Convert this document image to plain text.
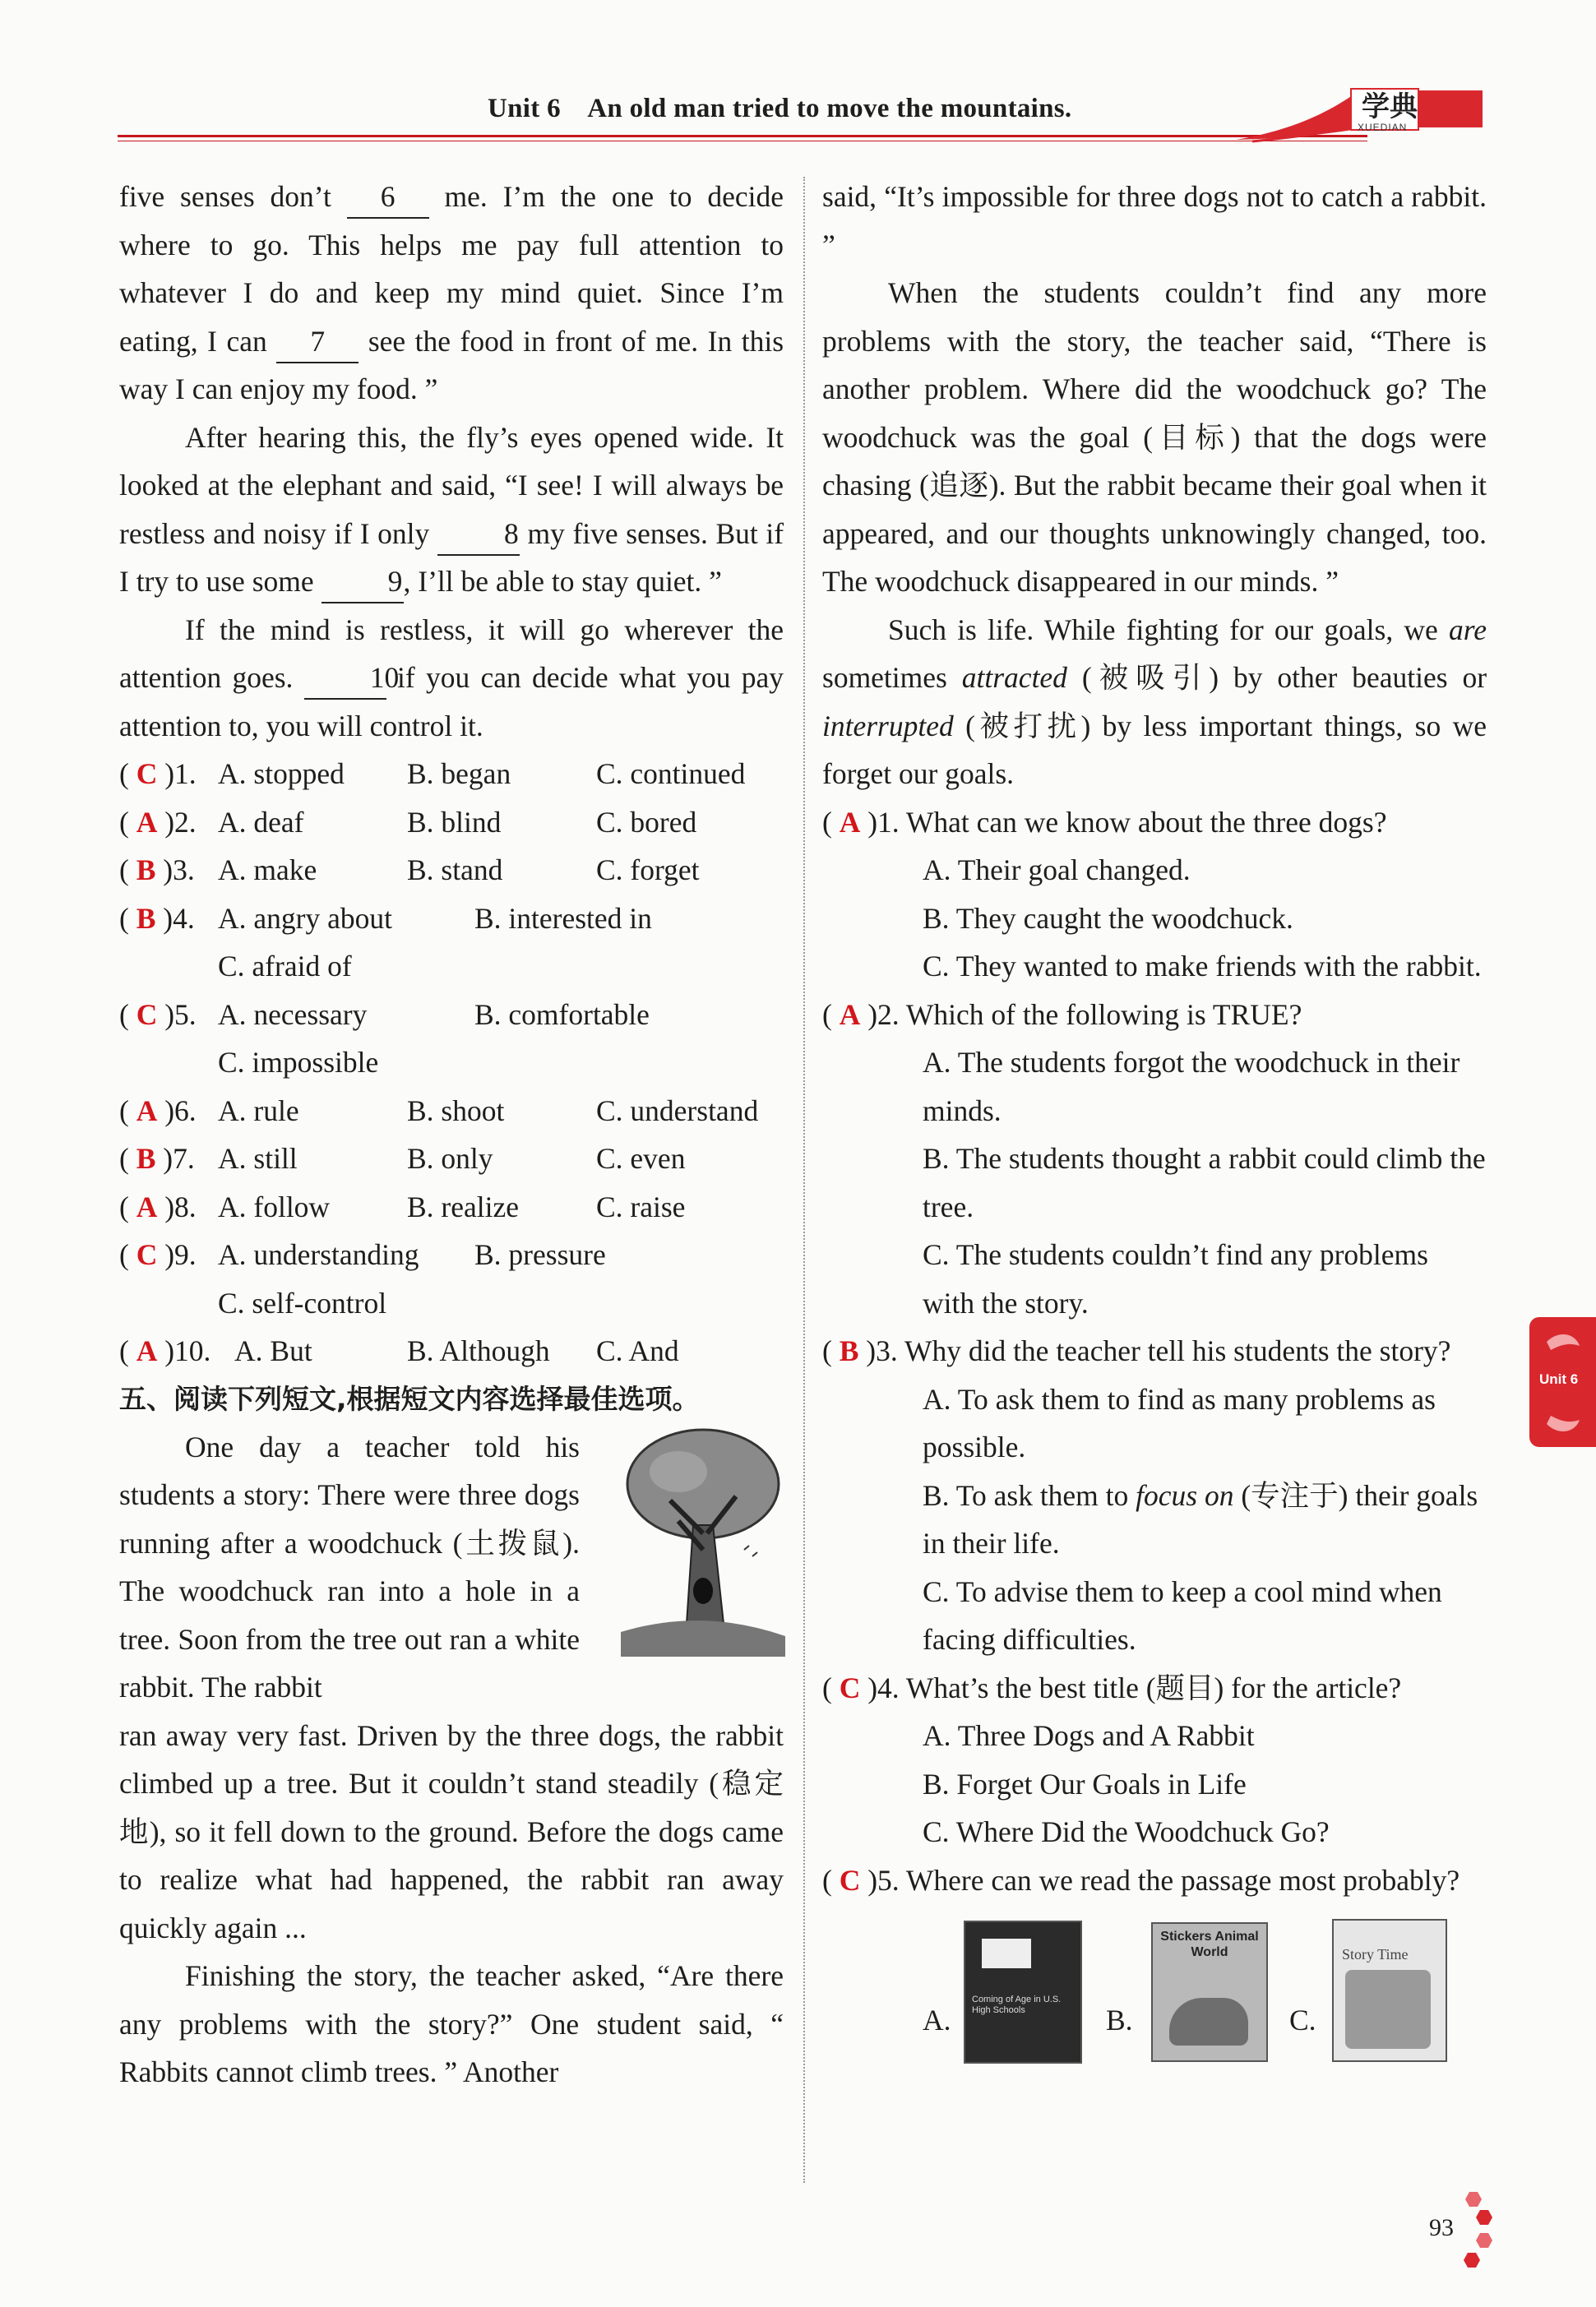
Unit 6    An old man tried to move the mountains.	学典
XUEDIAN

five senses don’t 6 me. I’m the one to decide where to go. This helps me pay full attention to whatever I do and keep my mind quiet. Since I’m eating, I can 7 see the food in front of me. In this way I can enjoy my food. ”

After hearing this, the fly’s eyes opened wide. It looked at the elephant and said, “I see! I will always be restless and noisy if I only	8 my five senses. But if I try to use some	9, I’ll be able to stay quiet. ”

If the mind is restless, it will go wherever the attention goes.	10 if you can decide what you pay attention to, you will control it.

( C )1. A. stopped	B. began	C. continued
( A )2. A. deaf	B. blind	C. bored
( B )3. A. make	B. stand	C. forget
( B )4. A. angry about	B. interested in
C. afraid of
( C )5. A. necessary	B. comfortable
C. impossible
( A )6. A. rule	B. shoot	C. understand
( B )7. A. still	B. only	C. even
( A )8. A. follow	B. realize	C. raise
( C )9. A. understanding	B. pressure
C. self-control
( A )10. A. But	B. Although	C. And
五、阅读下列短文,根据短文内容选择最佳选项。

One day a teacher told his students a story: There were three dogs running after a woodchuck (土拨鼠). The woodchuck ran into a hole in a tree. Soon from the tree out ran a white rabbit. The rabbit

ran away very fast. Driven by the three dogs, the rabbit climbed up a tree. But it couldn’t stand steadily (稳定地), so it fell down to the ground. Before the dogs came to realize what had happened, the rabbit ran away quickly again ...

Finishing the story, the teacher asked, “Are there any problems with the story?” One student said, “ Rabbits cannot climb trees. ” Another

said, “It’s impossible for three dogs not to catch a rabbit. ”

When the students couldn’t find any more problems with the story, the teacher said, “There is another problem. Where did the woodchuck go? The woodchuck was the goal (目标) that the dogs were chasing (追逐). But the rabbit became their goal when it appeared, and our thoughts unknowingly changed, too. The woodchuck disappeared in our minds. ”

Such is life. While fighting for our goals, we are sometimes attracted (被吸引) by other beauties or interrupted (被打扰) by less important things, so we forget our goals.

( A )1. What can we know about the three dogs?
A. Their goal changed.
B. They caught the woodchuck.
C. They wanted to make friends with the rabbit.
( A )2. Which of the following is TRUE?
A. The students forgot the woodchuck in their minds.
B. The students thought a rabbit could climb the tree.
C. The students couldn’t find any problems with the story.
( B )3. Why did the teacher tell his students the story?
A. To ask them to find as many problems as possible.
B. To ask them to focus on (专注于) their goals in their life.
C. To advise them to keep a cool mind when facing difficulties.
( C )4. What’s the best title (题目) for the article?
A. Three Dogs and A Rabbit
B. Forget Our Goals in Life
C. Where Did the Woodchuck Go?
( C )5. Where can we read the passage most probably?
A.
Coming of Age in U.S. High Schools	B.
Stickers Animal World
C.
Story Time
Unit 6
93
